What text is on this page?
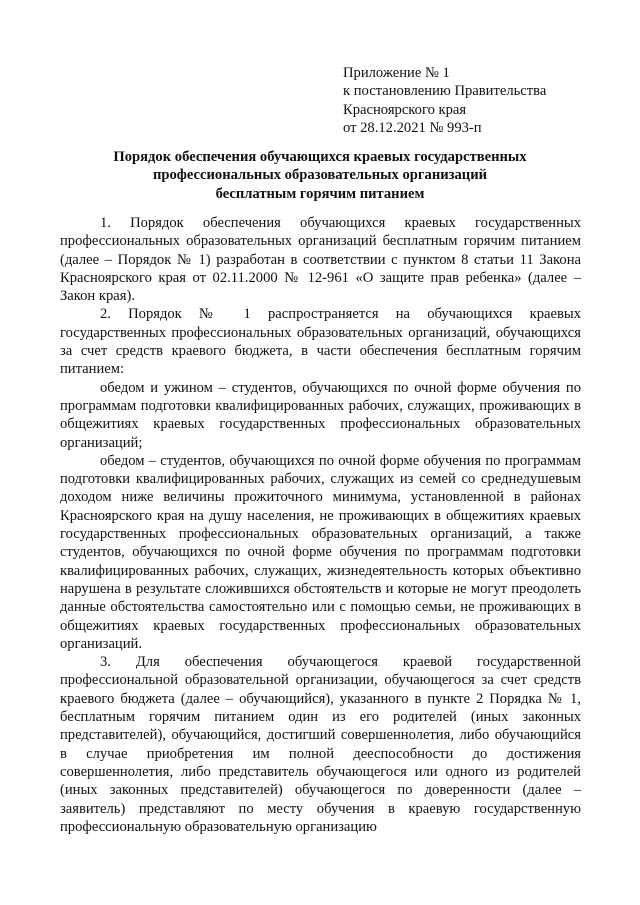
Приложение № 1
к постановлению Правительства
Красноярского края
от 28.12.2021 № 993-п
Порядок обеспечения обучающихся краевых государственных
профессиональных образовательных организаций
бесплатным горячим питанием

1. Порядок обеспечения обучающихся краевых государственных профессиональных образовательных организаций бесплатным горячим питанием (далее – Порядок № 1) разработан в соответствии с пунктом 8 статьи 11 Закона Красноярского края от 02.11.2000 № 12-961 «О защите прав ребенка» (далее – Закон края).

2. Порядок № 1 распространяется на обучающихся краевых государственных профессиональных образовательных организаций, обучающихся за счет средств краевого бюджета, в части обеспечения бесплатным горячим питанием:

обедом и ужином – студентов, обучающихся по очной форме обучения по программам подготовки квалифицированных рабочих, служащих, проживающих в общежитиях краевых государственных профессиональных образовательных организаций;

обедом – студентов, обучающихся по очной форме обучения по программам подготовки квалифицированных рабочих, служащих из семей со среднедушевым доходом ниже величины прожиточного минимума, установленной в районах Красноярского края на душу населения, не проживающих в общежитиях краевых государственных профессиональных образовательных организаций, а также студентов, обучающихся по очной форме обучения по программам подготовки квалифицированных рабочих, служащих, жизнедеятельность которых объективно нарушена в результате сложившихся обстоятельств и которые не могут преодолеть данные обстоятельства самостоятельно или с помощью семьи, не проживающих в общежитиях краевых государственных профессиональных образовательных организаций.

3. Для обеспечения обучающегося краевой государственной профессиональной образовательной организации, обучающегося за счет средств краевого бюджета (далее – обучающийся), указанного в пункте 2 Порядка № 1, бесплатным горячим питанием один из его родителей (иных законных представителей), обучающийся, достигший совершеннолетия, либо обучающийся в случае приобретения им полной дееспособности до достижения совершеннолетия, либо представитель обучающегося или одного из родителей (иных законных представителей) обучающегося по доверенности (далее – заявитель) представляют по месту обучения в краевую государственную профессиональную образовательную организацию
